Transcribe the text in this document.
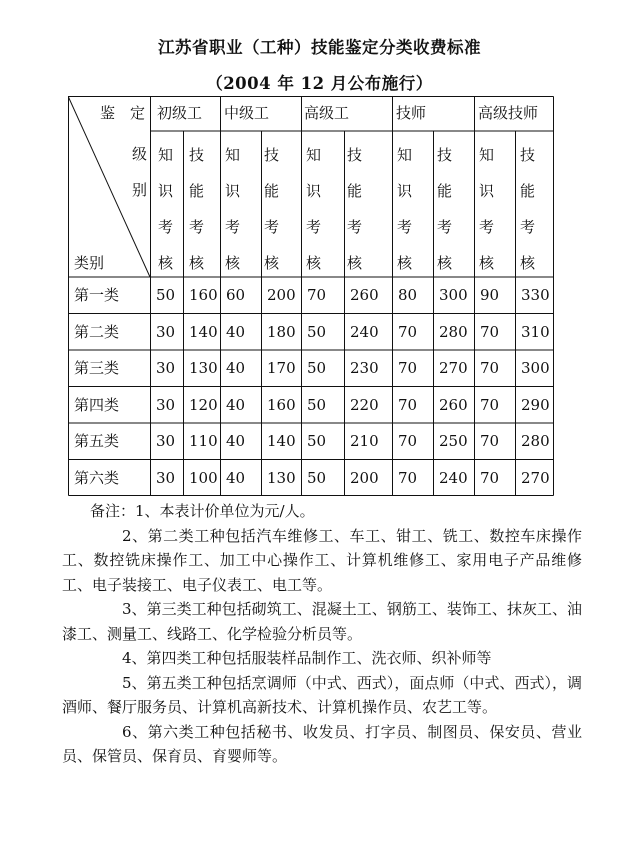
江苏省职业（工种）技能鉴定分类收费标准
（2004 年 12 月公布施行）
鉴　定
级
别
类别
初级工 中级工 高级工	技师	高级技师
知
识
考
核
技
能
考
核
知
识
考
核
技
能
考
核
知
识
考
核
技
能
考
核
知
识
考
核
技
能
考
核
知
识
考
核
技
能
考
核
第一类 50 160 60 200 70 260 80 300 90 330
第二类 30 140 40 180 50 240 70 280 70 310
第三类 30 130 40 170 50 230 70 270 70 300
第四类 30 120 40 160 50 220 70 260 70 290
第五类 30 110 40 140 50 210 70 250 70 280
第六类 30 100 40 130 50 200 70 240 70 270

备注：1、本表计价单位为元/人。

2、第二类工种包括汽车维修工、车工、钳工、铣工、数控车床操作工、数控铣床操作工、加工中心操作工、计算机维修工、家用电子产品维修工、电子装接工、电子仪表工、电工等。

3、第三类工种包括砌筑工、混凝土工、钢筋工、装饰工、抹灰工、油漆工、测量工、线路工、化学检验分析员等。

4、第四类工种包括服装样品制作工、洗衣师、织补师等

5、第五类工种包括烹调师（中式、西式），面点师（中式、西式），调酒师、餐厅服务员、计算机高新技术、计算机操作员、农艺工等。

6、第六类工种包括秘书、收发员、打字员、制图员、保安员、营业员、保管员、保育员、育婴师等。
